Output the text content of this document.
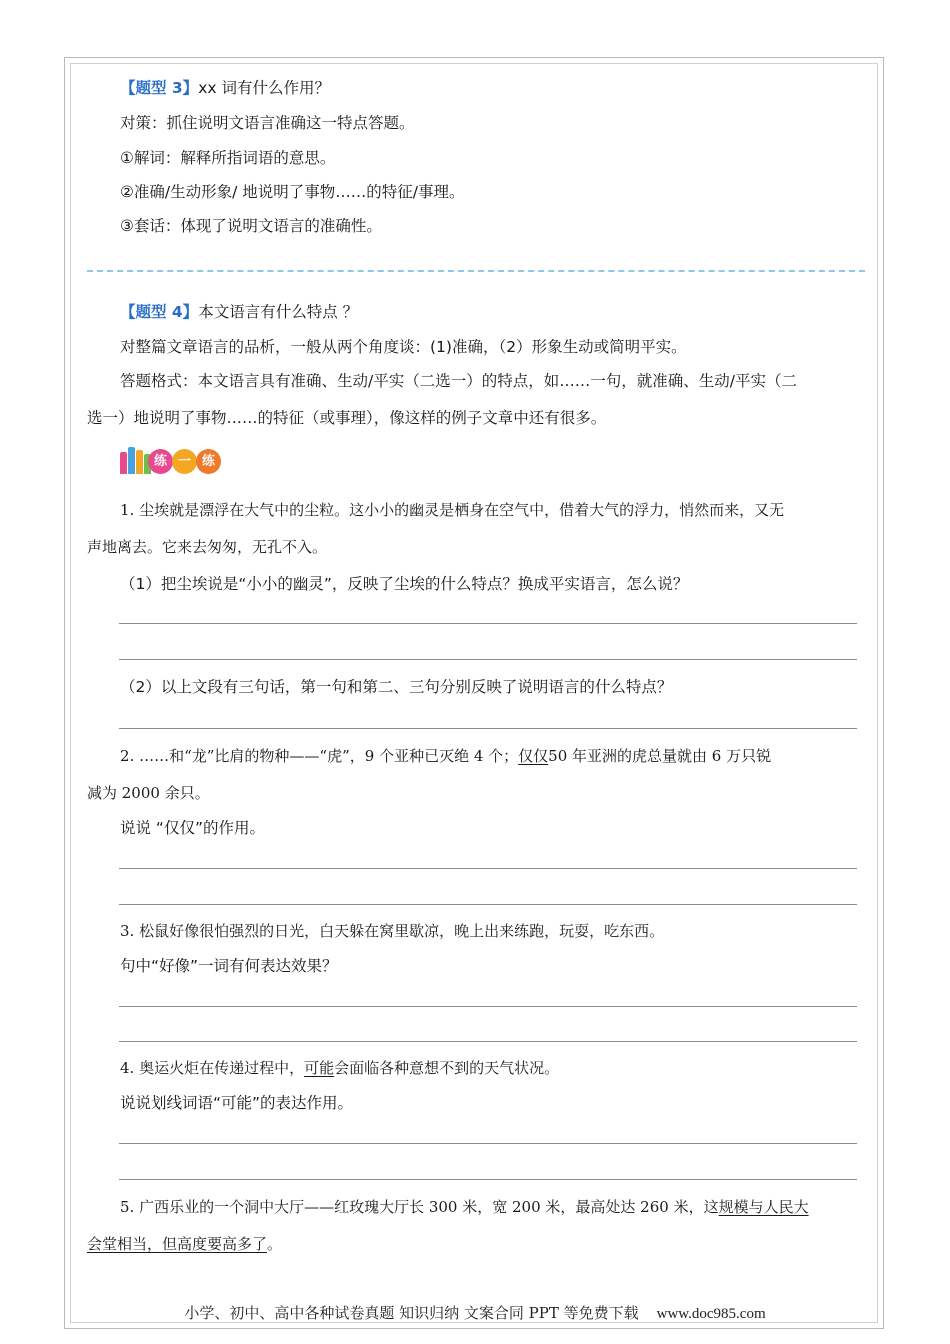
【题型 3】xx 词有什么作用？
对策：抓住说明文语言准确这一特点答题。
①解词：解释所指词语的意思。
②准确/生动形象/ 地说明了事物……的特征/事理。
③套话：体现了说明文语言的准确性。
【题型 4】本文语言有什么特点 ？
对整篇文章语言的品析，一般从两个角度谈：(1)准确，（2）形象生动或简明平实。
答题格式：本文语言具有准确、生动/平实（二选一）的特点，如……一句，就准确、生动/平实（二
选一）地说明了事物……的特征（或事理），像这样的例子文章中还有很多。
练 一 练
1. 尘埃就是漂浮在大气中的尘粒。这小小的幽灵是栖身在空气中，借着大气的浮力，悄然而来，又无
声地离去。它来去匆匆，无孔不入。
（1）把尘埃说是“小小的幽灵”，反映了尘埃的什么特点？换成平实语言，怎么说？
（2）以上文段有三句话，第一句和第二、三句分别反映了说明语言的什么特点？
2. ……和“龙”比肩的物种——“虎”，9 个亚种已灭绝 4 个；仅仅50 年亚洲的虎总量就由 6 万只锐
减为 2000 余只。
说说 “仅仅”的作用。
3. 松鼠好像很怕强烈的日光，白天躲在窝里歇凉，晚上出来练跑，玩耍，吃东西。
句中“好像”一词有何表达效果？
4. 奥运火炬在传递过程中，可能会面临各种意想不到的天气状况。
说说划线词语“可能”的表达作用。
5. 广西乐业的一个洞中大厅——红玫瑰大厅长 300 米，宽 200 米，最高处达 260 米，这规模与人民大
会堂相当，但高度要高多了。
小学、初中、高中各种试卷真题 知识归纳 文案合同 PPT 等免费下载 www.doc985.com
